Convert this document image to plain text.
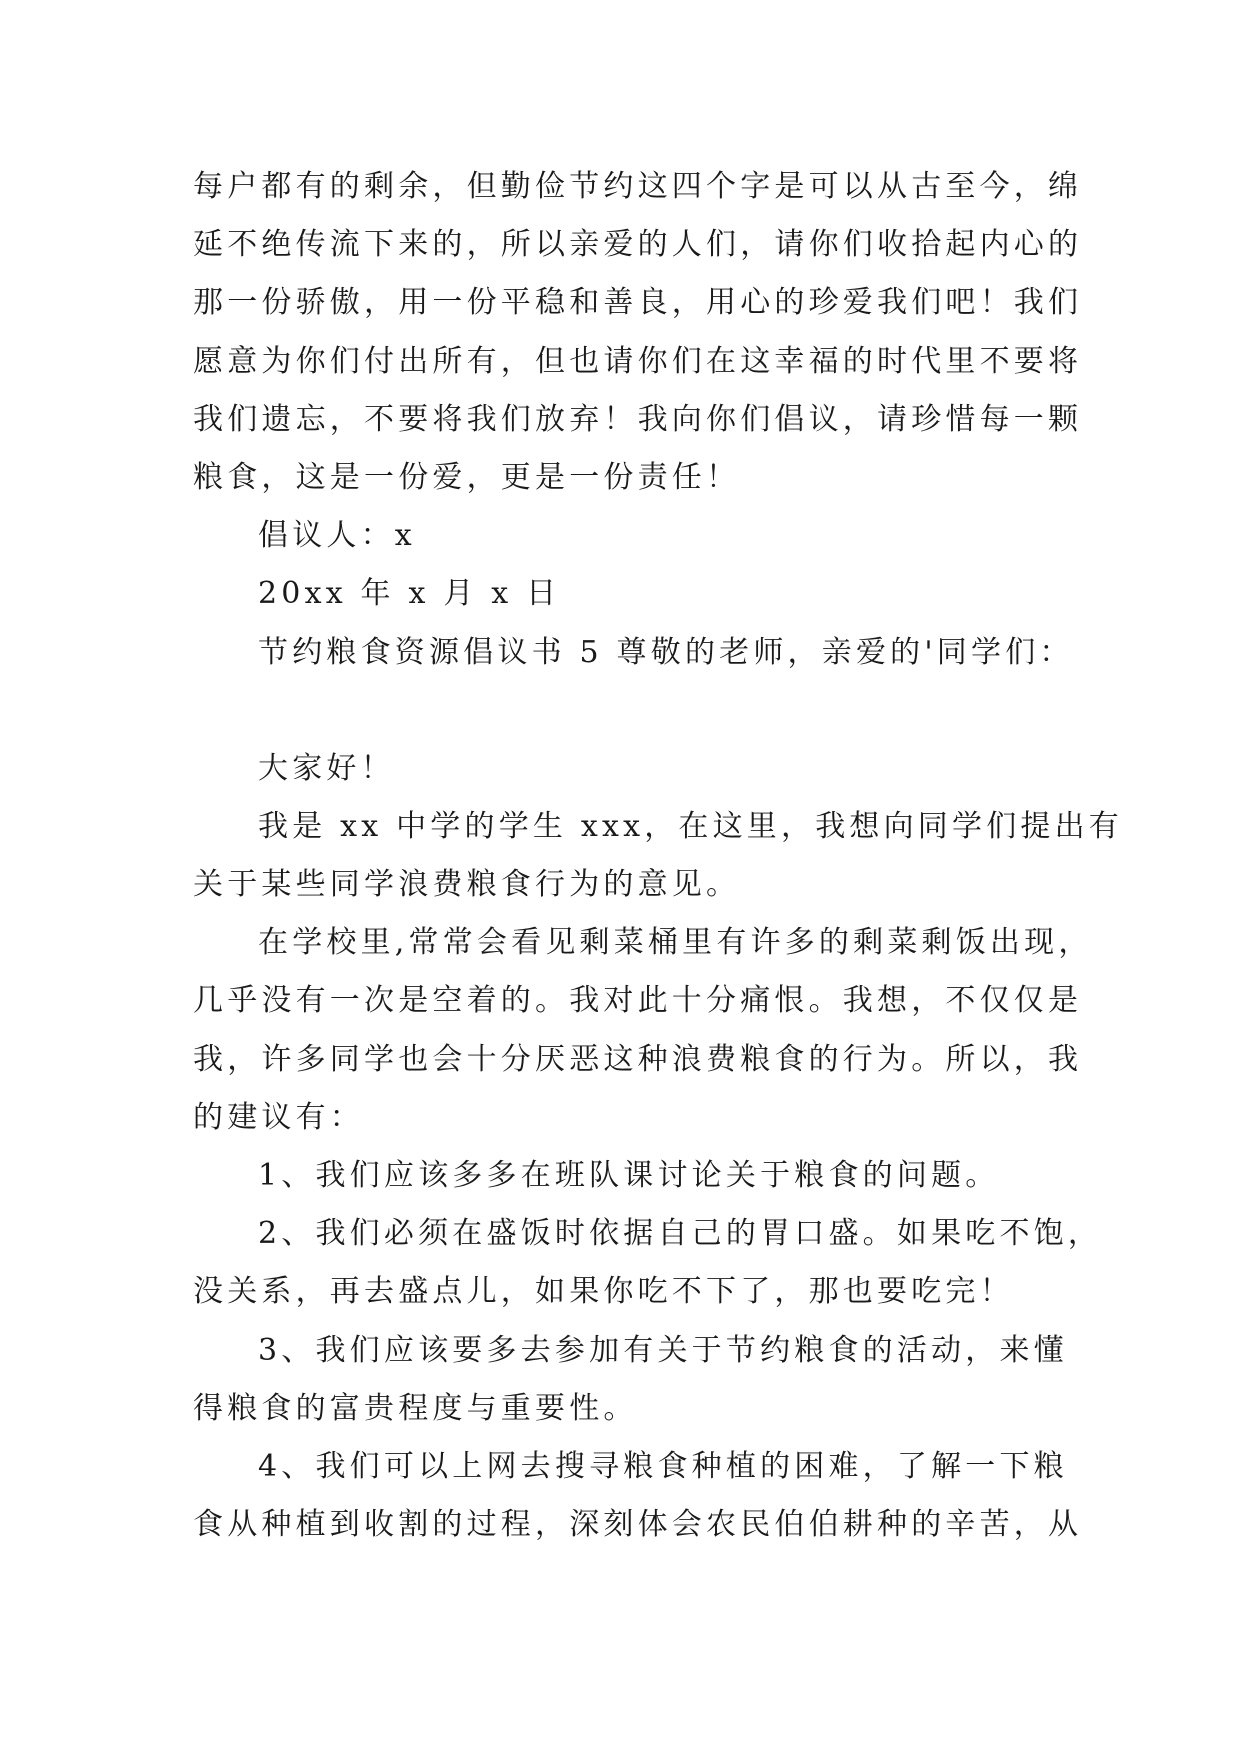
每户都有的剩余，但勤俭节约这四个字是可以从古至今，绵
延不绝传流下来的，所以亲爱的人们，请你们收拾起内心的
那一份骄傲，用一份平稳和善良，用心的珍爱我们吧！我们
愿意为你们付出所有，但也请你们在这幸福的时代里不要将
我们遗忘，不要将我们放弃！我向你们倡议，请珍惜每一颗
粮食，这是一份爱，更是一份责任！
倡议人：x
20xx 年 x 月 x 日
节约粮食资源倡议书 5 尊敬的老师，亲爱的'同学们：
大家好！
我是 xx 中学的学生 xxx，在这里，我想向同学们提出有
关于某些同学浪费粮食行为的意见。
在学校里,常常会看见剩菜桶里有许多的剩菜剩饭出现，
几乎没有一次是空着的。我对此十分痛恨。我想，不仅仅是
我，许多同学也会十分厌恶这种浪费粮食的行为。所以，我
的建议有：
1、我们应该多多在班队课讨论关于粮食的问题。
2、我们必须在盛饭时依据自己的胃口盛。如果吃不饱，
没关系，再去盛点儿，如果你吃不下了，那也要吃完！
3、我们应该要多去参加有关于节约粮食的活动，来懂
得粮食的富贵程度与重要性。
4、我们可以上网去搜寻粮食种植的困难，了解一下粮
食从种植到收割的过程，深刻体会农民伯伯耕种的辛苦，从
